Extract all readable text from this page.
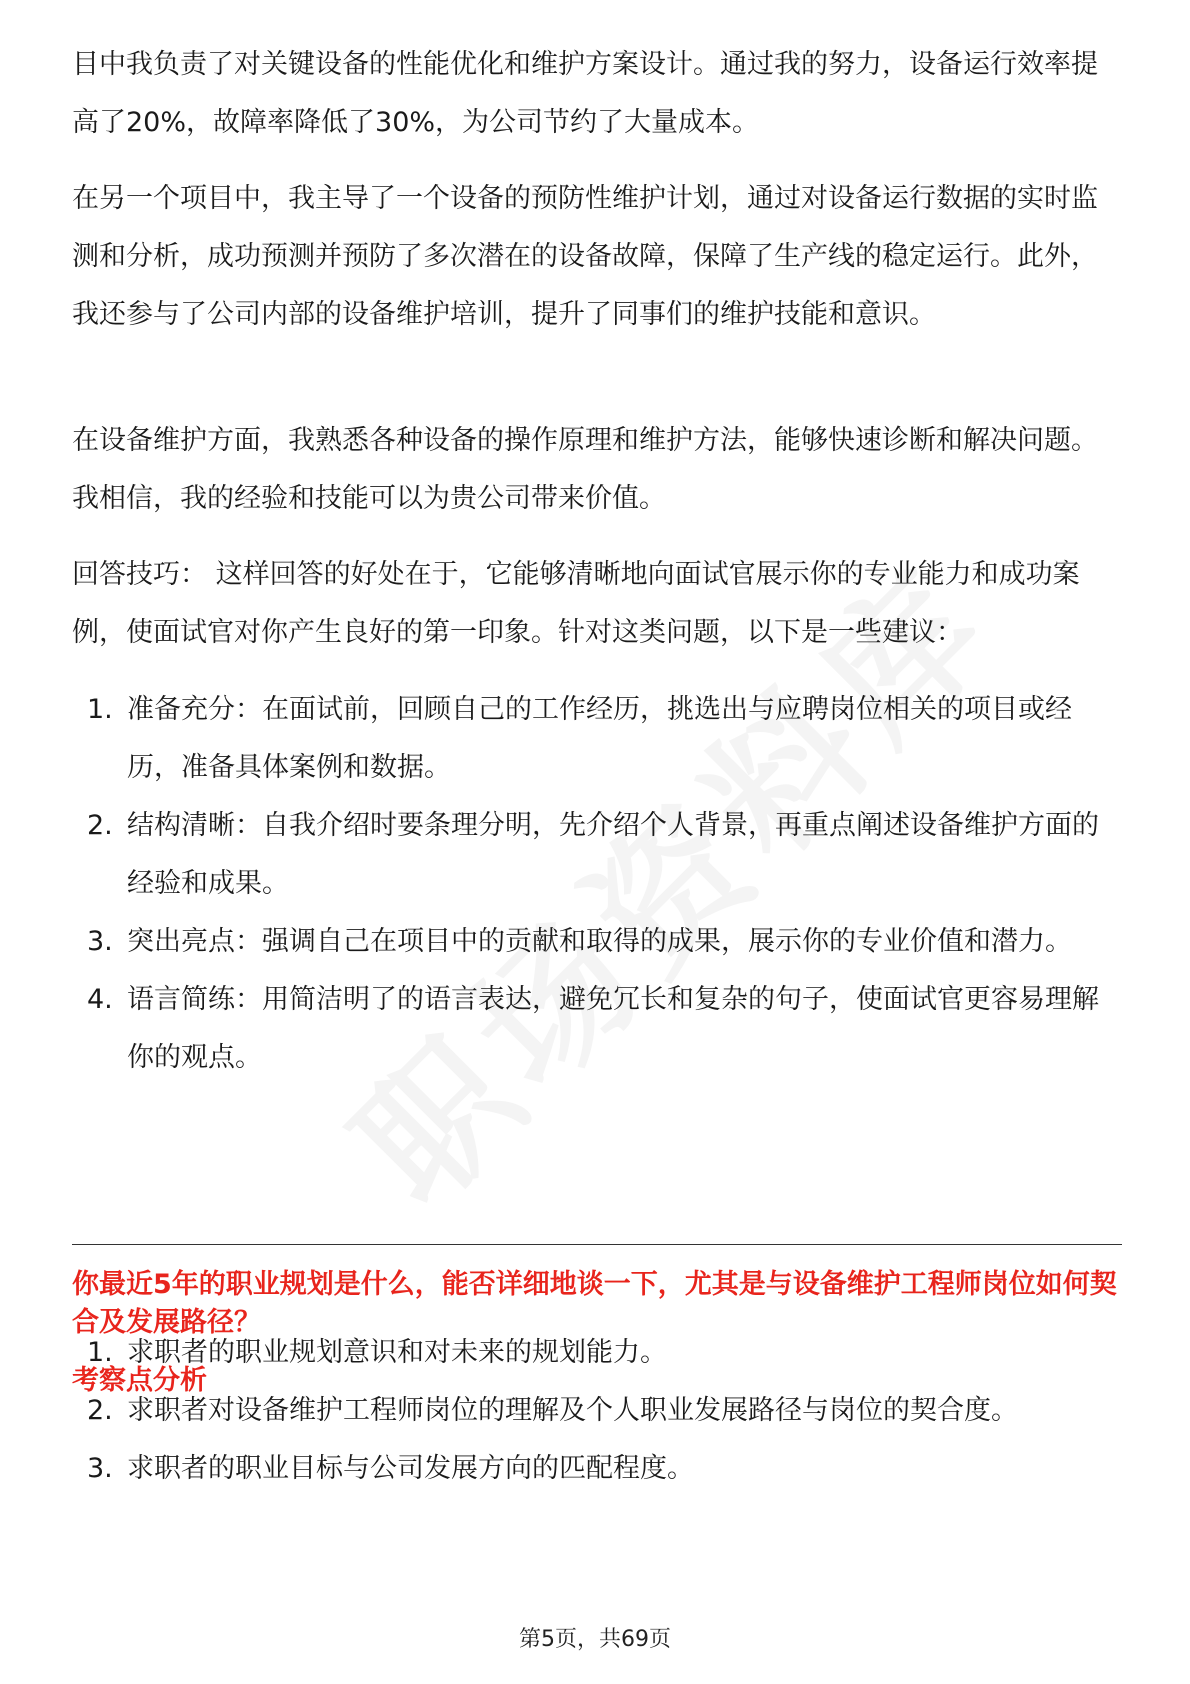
目中我负责了对关键设备的性能优化和维护方案设计。通过我的努力，设备运行效率提高了20%，故障率降低了30%，为公司节约了大量成本。

在另一个项目中，我主导了一个设备的预防性维护计划，通过对设备运行数据的实时监测和分析，成功预测并预防了多次潜在的设备故障，保障了生产线的稳定运行。此外，我还参与了公司内部的设备维护培训，提升了同事们的维护技能和意识。

在设备维护方面，我熟悉各种设备的操作原理和维护方法，能够快速诊断和解决问题。我相信，我的经验和技能可以为贵公司带来价值。

回答技巧： 这样回答的好处在于，它能够清晰地向面试官展示你的专业能力和成功案例，使面试官对你产生良好的第一印象。针对这类问题，以下是一些建议：

1. 准备充分：在面试前，回顾自己的工作经历，挑选出与应聘岗位相关的项目或经历，准备具体案例和数据。
2. 结构清晰：自我介绍时要条理分明，先介绍个人背景，再重点阐述设备维护方面的经验和成果。
3. 突出亮点：强调自己在项目中的贡献和取得的成果，展示你的专业价值和潜力。
4. 语言简练：用简洁明了的语言表达，避免冗长和复杂的句子，使面试官更容易理解你的观点。

你最近5年的职业规划是什么，能否详细地谈一下，尤其是与设备维护工程师岗位如何契合及发展路径？

考察点分析

1. 求职者的职业规划意识和对未来的规划能力。
2. 求职者对设备维护工程师岗位的理解及个人职业发展路径与岗位的契合度。
3. 求职者的职业目标与公司发展方向的匹配程度。
第5页，共69页
